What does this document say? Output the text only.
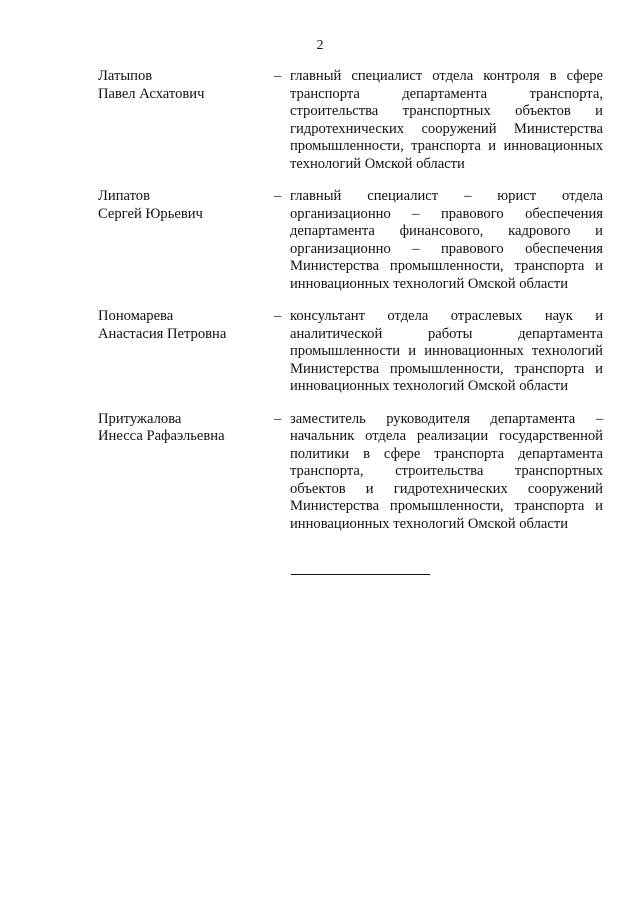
2
Латыпов
Павел Асхатович
– главный специалист отдела контроля в сфере транспорта департамента транспорта, строительства транспортных объектов и гидротехнических сооружений Министерства промышленности, транспорта и инновационных технологий Омской области
Липатов
Сергей Юрьевич
– главный специалист – юрист отдела организационно – правового обеспечения департамента финансового, кадрового и организационно – правового обеспечения Министерства промышленности, транспорта и инновационных технологий Омской области
Пономарева
Анастасия Петровна
– консультант отдела отраслевых наук и аналитической работы департамента промышленности и инновационных технологий Министерства промышленности, транспорта и инновационных технологий Омской области
Притужалова
Инесса Рафаэльевна
– заместитель руководителя департамента – начальник отдела реализации государственной политики в сфере транспорта департамента транспорта, строительства транспортных объектов и гидротехнических сооружений Министерства промышленности, транспорта и инновационных технологий Омской области
